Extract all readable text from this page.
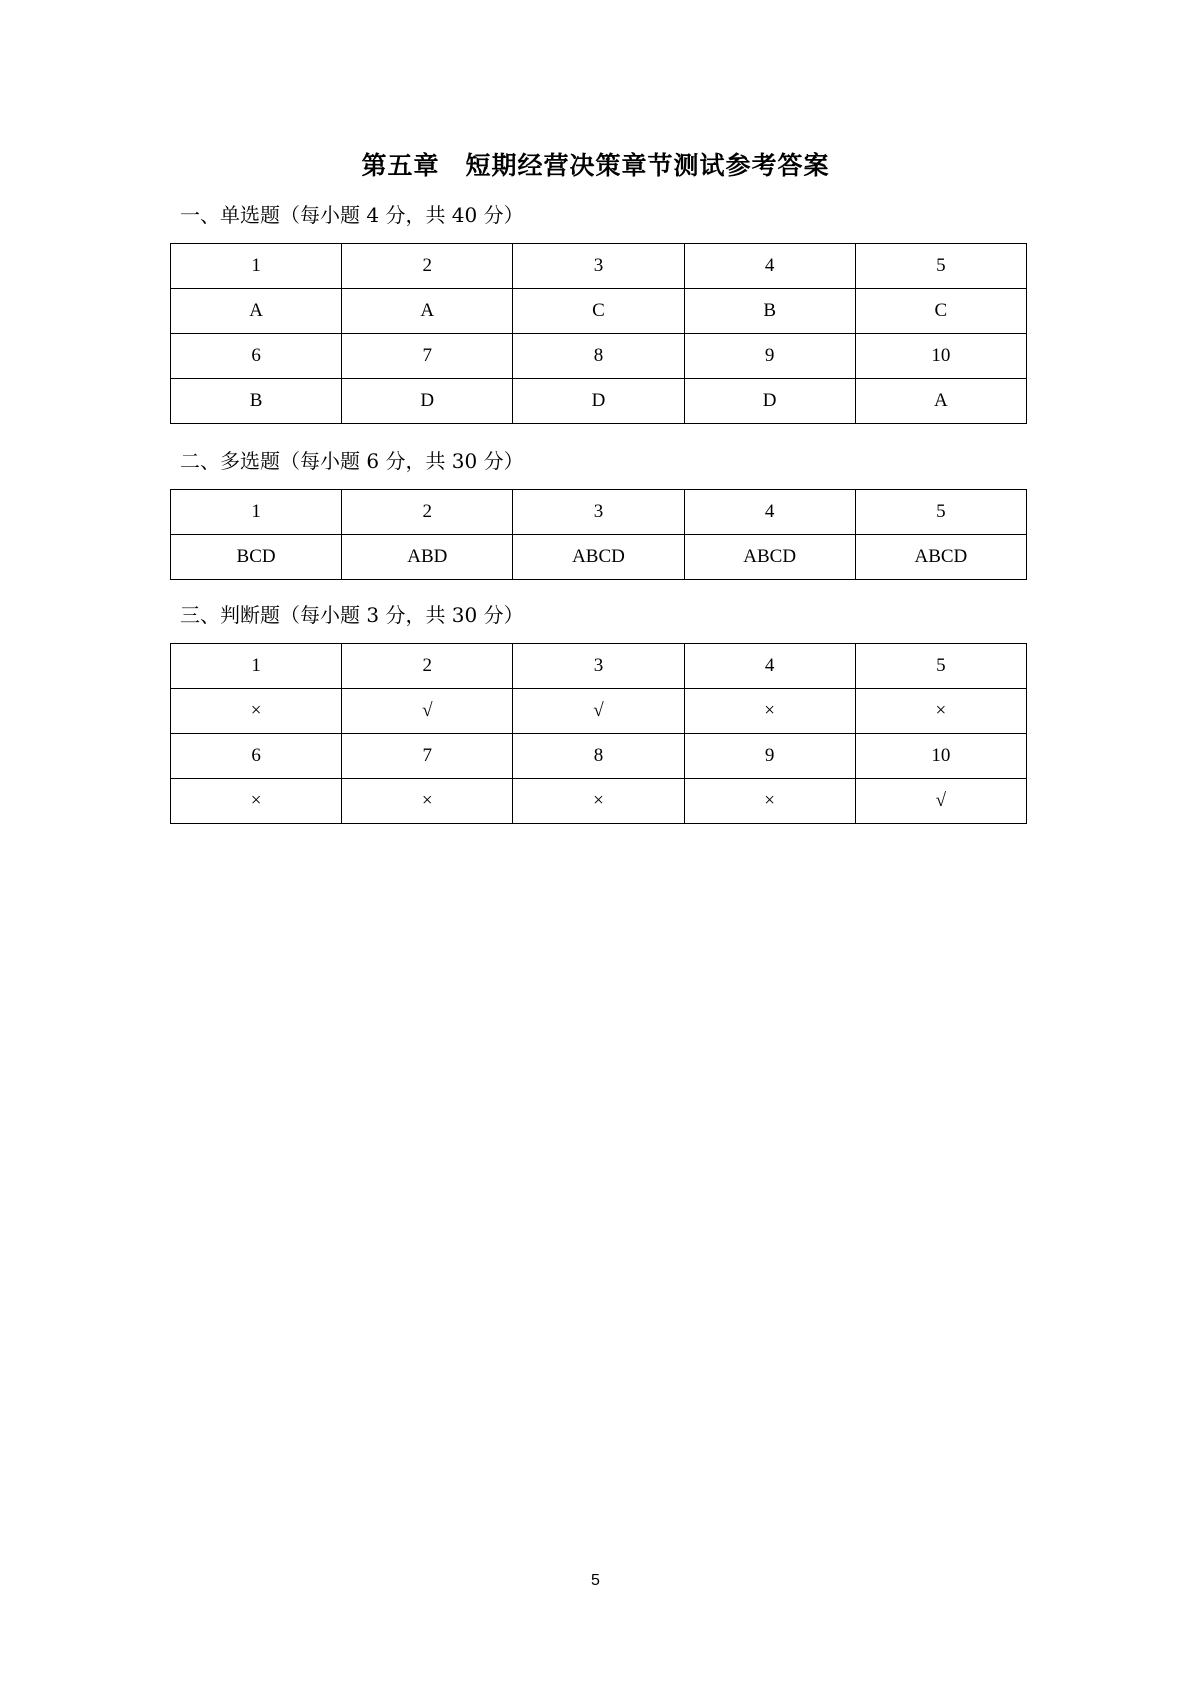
第五章　短期经营决策章节测试参考答案

一、单选题（每小题 4 分，共 40 分）

1	2	3	4	5
A	A	C	B	C
6	7	8	9	10
B	D	D	D	A

二、多选题（每小题 6 分，共 30 分）

1	2	3	4	5
BCD	ABD	ABCD	ABCD	ABCD

三、判断题（每小题 3 分，共 30 分）

1	2	3	4	5
×	√	√	×	×
6	7	8	9	10
×	×	×	×	√
5
